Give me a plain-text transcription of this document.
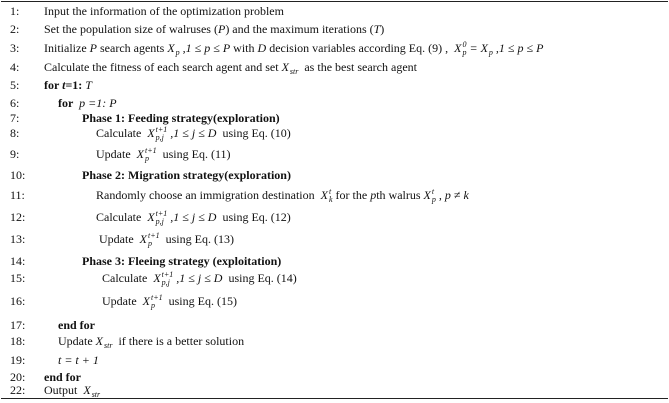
1:	Input the information of the optimization problem
2:	Set the population size of walruses ( P ) and the maximum iterations ( T )
3:	Initialize P search agents X
p ,1 ≤ p ≤ P with D decision variables according Eq. (9) , X 0
p = X
p ,1 ≤ p ≤ P
4:	Calculate the fitness of each search agent and set X
str as the best search agent
5:	for t =1: T
6:	for p =1: P
7:	Phase 1: Feeding strategy(exploration)
8:	Calculate X t+1
p,j ,1 ≤ j ≤ D using Eq. (10)
9:	Update X t+1
p using Eq. (11)
10:	Phase 2: Migration strategy(exploration)
11:	Randomly choose an immigration destination X t
k for the p th walrus X t
p , p ≠ k
12:	Calculate X t+1
p,j ,1 ≤ j ≤ D using Eq. (12)
13:	Update X t+1
p using Eq. (13)
14:	Phase 3: Fleeing strategy (exploitation)
15:	Calculate X t+1
p,j ,1 ≤ j ≤ D using Eq. (14)
16:	Update X t+1
p using Eq. (15)
17:	end for
18:	Update X
str if there is a better solution
19:	t = t + 1
20:	end for
22:	Output X
str
